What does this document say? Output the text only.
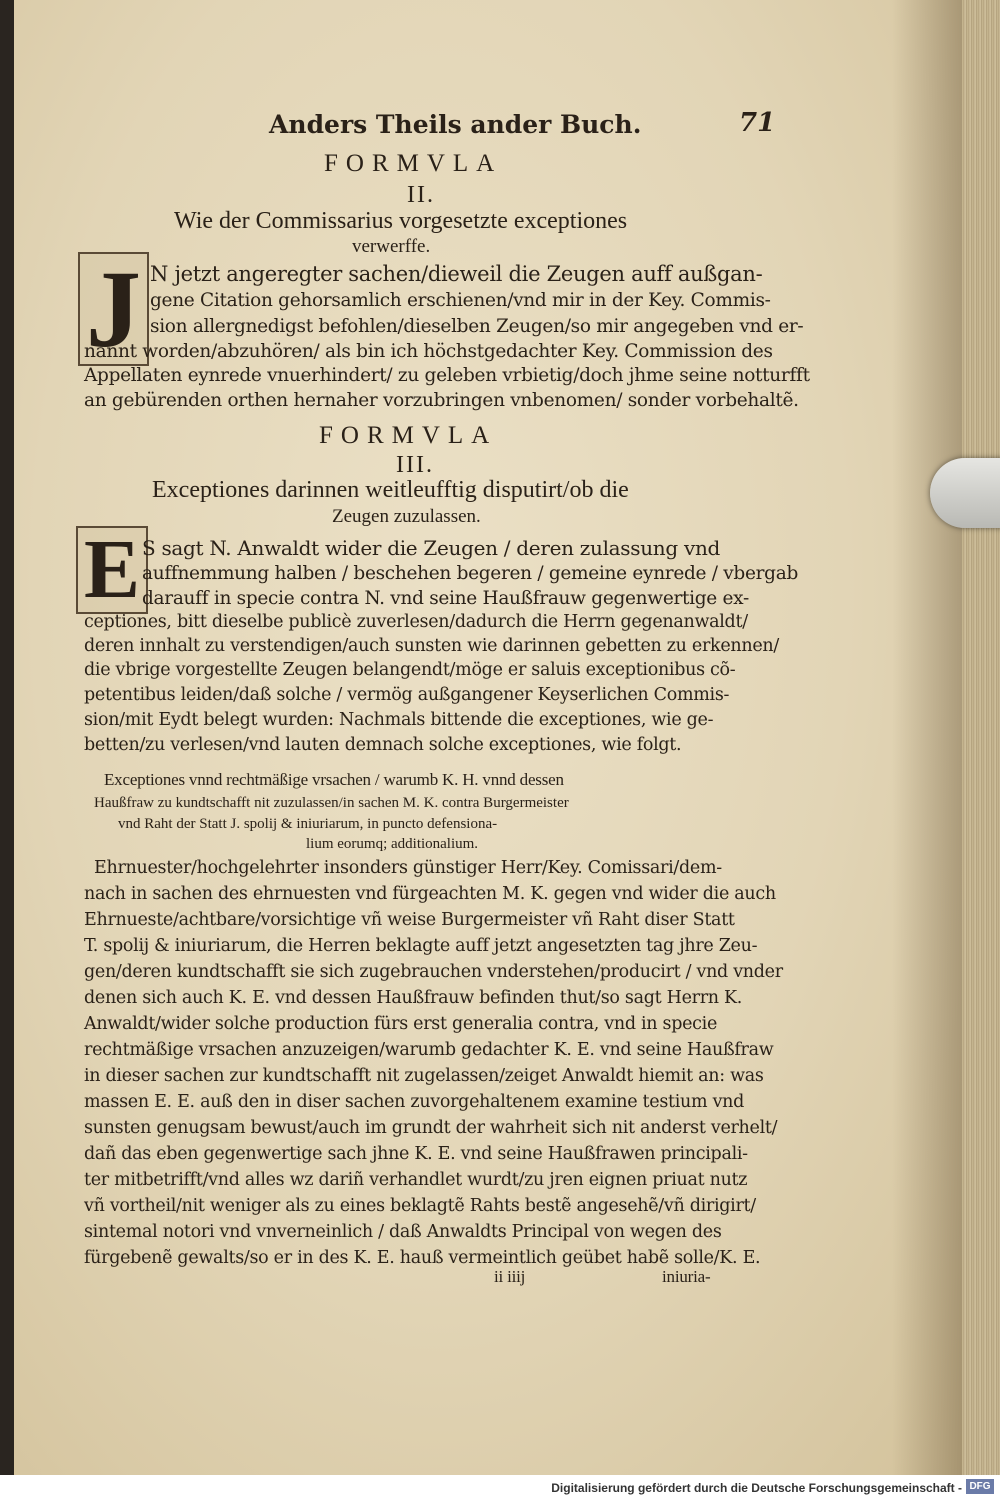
Anders Theils ander Buch.	71
FORMVLA
II.
Wie der Commissarius vorgesetzte exceptiones
verwerffe.
J N jetzt angeregter sachen/dieweil die Zeugen auff außgan-
gene Citation gehorsamlich erschienen/vnd mir in der Key. Commis-
sion allergnedigst befohlen/dieselben Zeugen/so mir angegeben vnd er-
nannt worden/abzuhören/ als bin ich höchstgedachter Key. Commission des
Appellaten eynrede vnuerhindert/ zu geleben vrbietig/doch jhme seine notturfft
an gebürenden orthen hernaher vorzubringen vnbenomen/ sonder vorbehaltẽ.
FORMVLA
III.
Exceptiones darinnen weitleufftig disputirt/ob die
Zeugen zuzulassen.
E S sagt N. Anwaldt wider die Zeugen / deren zulassung vnd
auffnemmung halben / beschehen begeren / gemeine eynrede / vbergab
darauff in specie contra N. vnd seine Haußfrauw gegenwertige ex-
ceptiones, bitt dieselbe publicè zuverlesen/dadurch die Herrn gegenanwaldt/
deren innhalt zu verstendigen/auch sunsten wie darinnen gebetten zu erkennen/
die vbrige vorgestellte Zeugen belangendt/möge er saluis exceptionibus cõ-
petentibus leiden/daß solche / vermög außgangener Keyserlichen Commis-
sion/mit Eydt belegt wurden: Nachmals bittende die exceptiones, wie ge-
betten/zu verlesen/vnd lauten demnach solche exceptiones, wie folgt.
Exceptiones vnnd rechtmäßige vrsachen / warumb K. H. vnnd dessen
Haußfraw zu kundtschafft nit zuzulassen/in sachen M. K. contra Burgermeister
vnd Raht der Statt J. spolij & iniuriarum, in puncto defensiona-
lium eorumq; additionalium.
Ehrnuester/hochgelehrter insonders günstiger Herr/Key. Comissari/dem-
nach in sachen des ehrnuesten vnd fürgeachten M. K. gegen vnd wider die auch
Ehrnueste/achtbare/vorsichtige vñ weise Burgermeister vñ Raht diser Statt
T. spolij & iniuriarum, die Herren beklagte auff jetzt angesetzten tag jhre Zeu-
gen/deren kundtschafft sie sich zugebrauchen vnderstehen/producirt / vnd vnder
denen sich auch K. E. vnd dessen Haußfrauw befinden thut/so sagt Herrn K.
Anwaldt/wider solche production fürs erst generalia contra, vnd in specie
rechtmäßige vrsachen anzuzeigen/warumb gedachter K. E. vnd seine Haußfraw
in dieser sachen zur kundtschafft nit zugelassen/zeiget Anwaldt hiemit an: was
massen E. E. auß den in diser sachen zuvorgehaltenem examine testium vnd
sunsten genugsam bewust/auch im grundt der wahrheit sich nit anderst verhelt/
dañ das eben gegenwertige sach jhne K. E. vnd seine Haußfrawen principali-
ter mitbetrifft/vnd alles wz dariñ verhandlet wurdt/zu jren eignen priuat nutz
vñ vortheil/nit weniger als zu eines beklagtẽ Rahts bestẽ angesehẽ/vñ dirigirt/
sintemal notori vnd vnverneinlich / daß Anwaldts Principal von wegen des
fürgebenẽ gewalts/so er in des K. E. hauß vermeintlich geübet habẽ solle/K. E.
ii iiij	iniuria-
Digitalisierung gefördert durch die Deutsche Forschungsgemeinschaft - DFG
